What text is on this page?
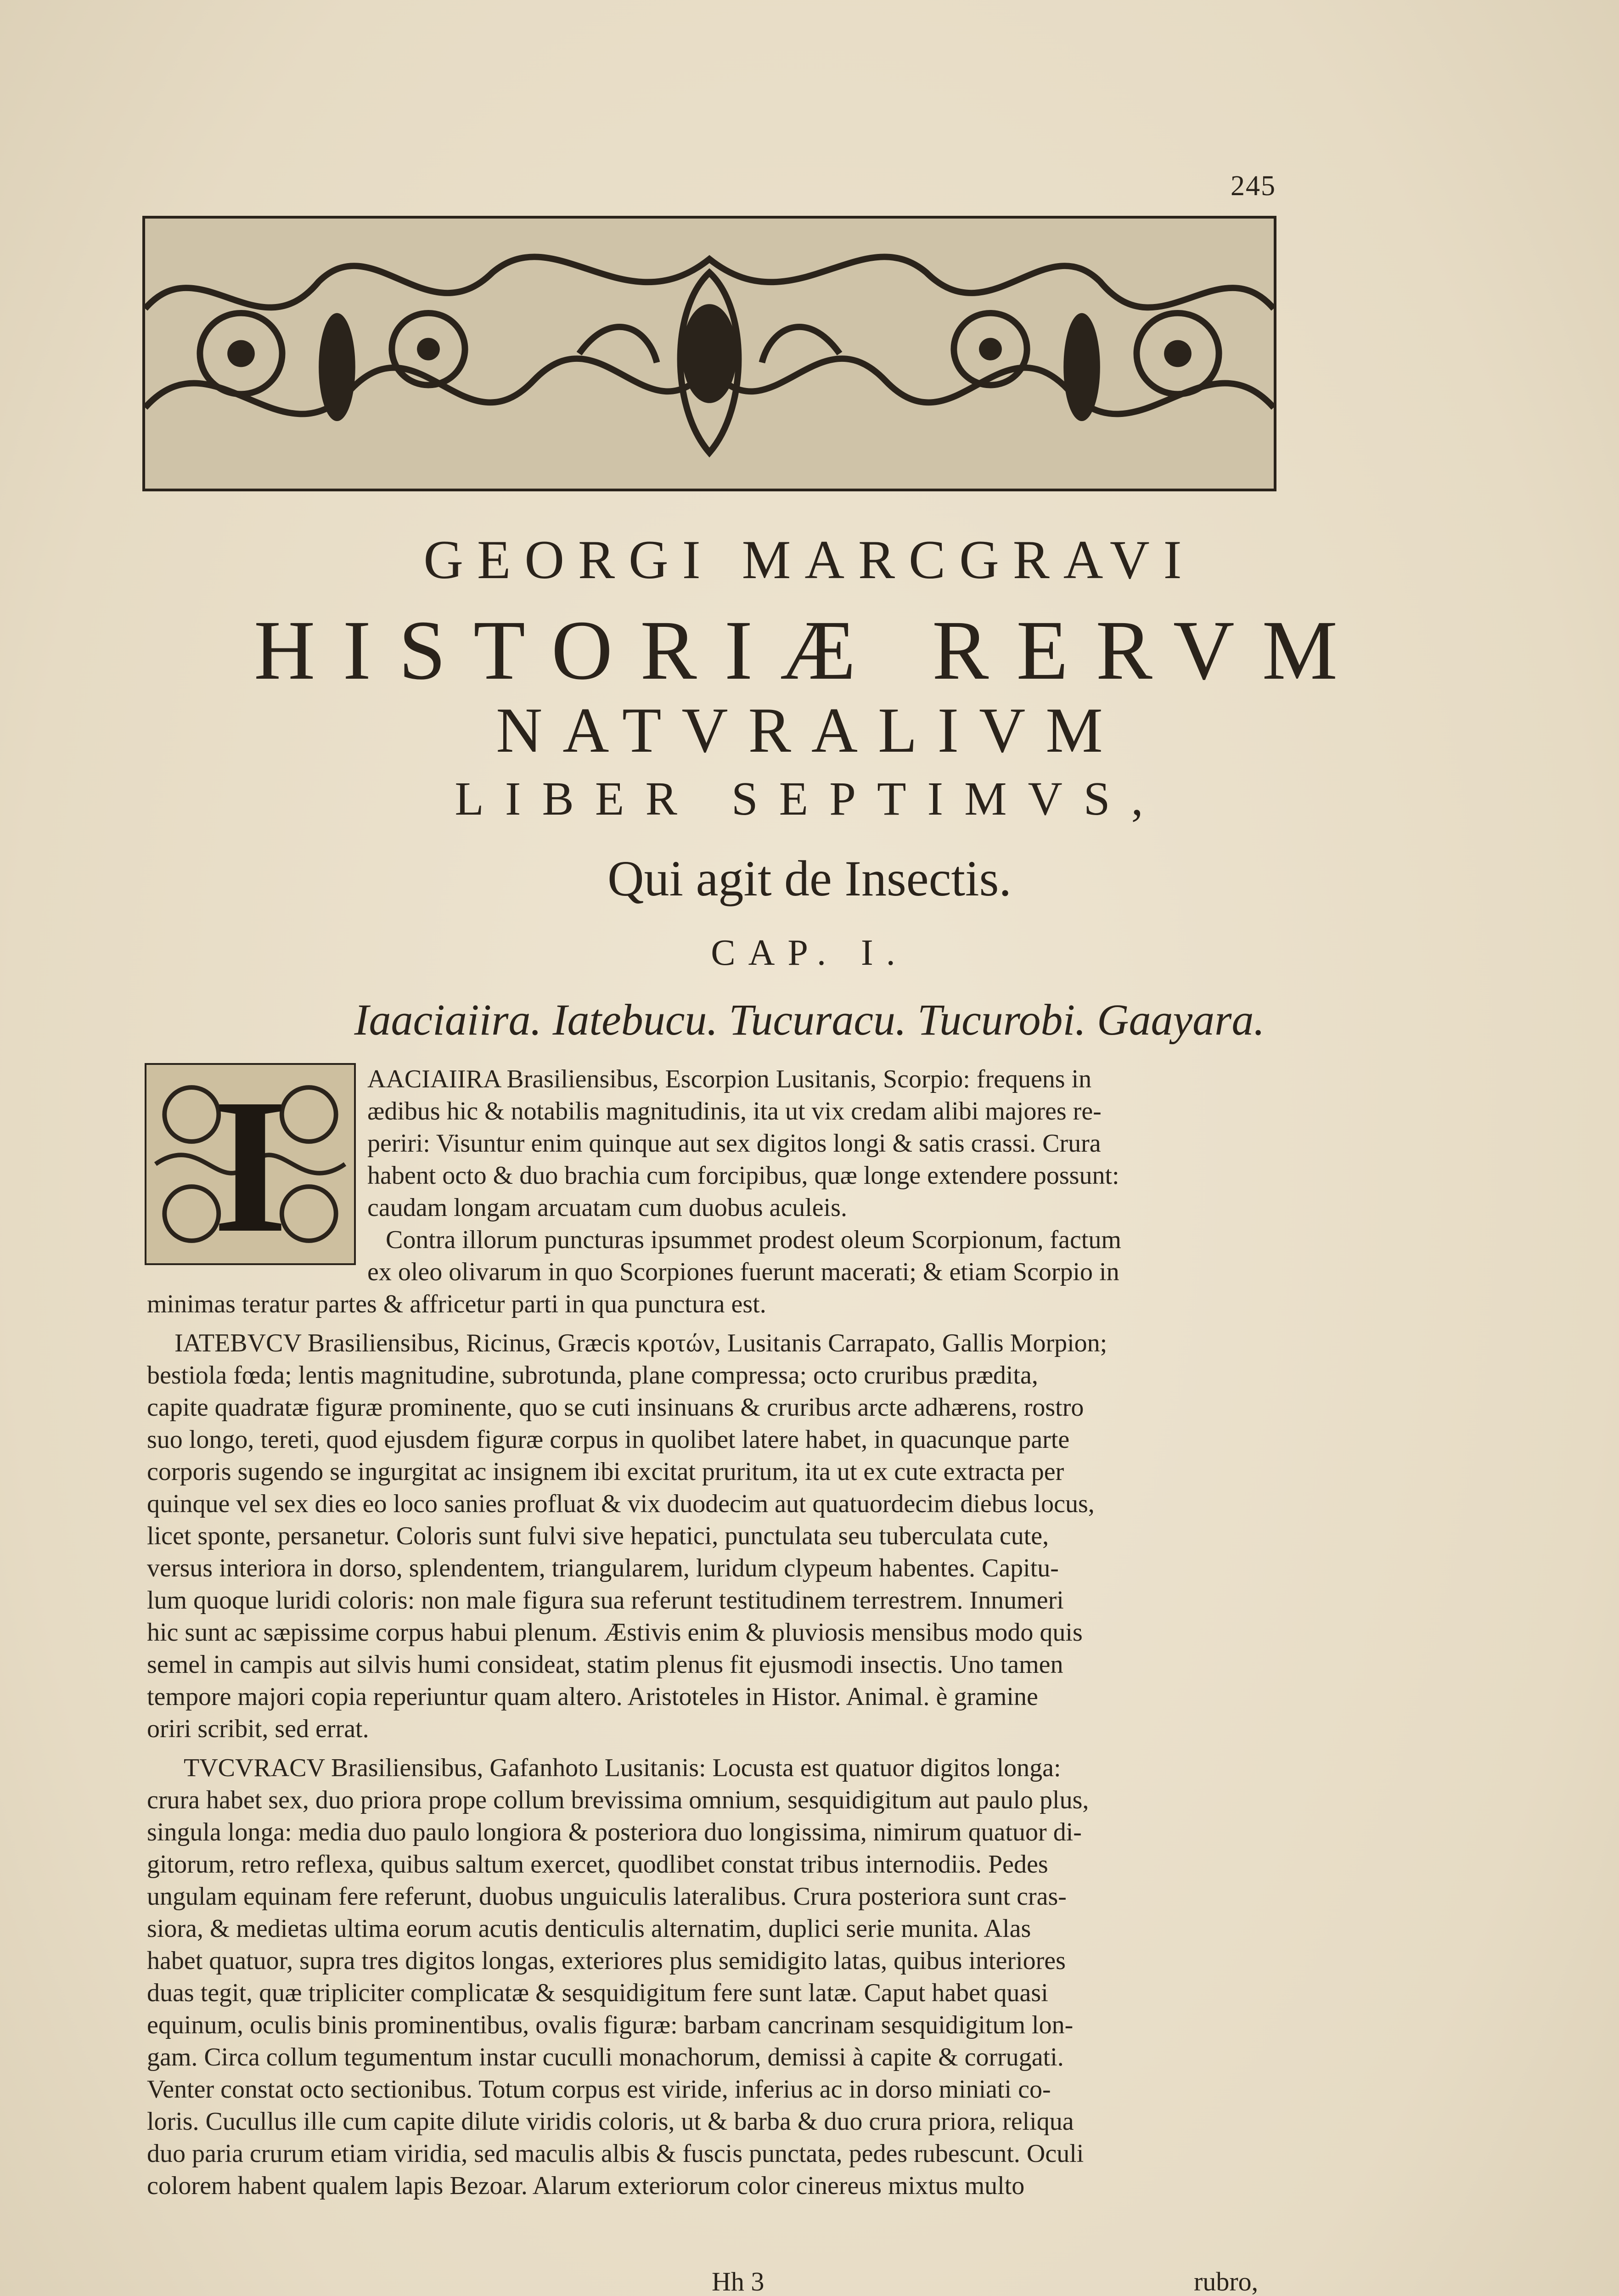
245
GEORGI MARCGRAVI
HISTORIÆ RERVM
NATVRALIVM
LIBER SEPTIMVS,
Qui agit de Insectis.
CAP. I.
Iaaciaiira. Iatebucu. Tucuracu. Tucurobi. Gaayara.
I	AACIAIIRA Brasiliensibus, Escorpion Lusitanis, Scorpio: frequens in
ædibus hic & notabilis magnitudinis, ita ut vix credam alibi majores re-
periri: Visuntur enim quinque aut sex digitos longi & satis crassi. Crura
habent octo & duo brachia cum forcipibus, quæ longe extendere possunt:
caudam longam arcuatam cum duobus aculeis.
Contra illorum puncturas ipsummet prodest oleum Scorpionum, factum
ex oleo olivarum in quo Scorpiones fuerunt macerati; & etiam Scorpio in
minimas teratur partes & affricetur parti in qua punctura est.
IATEBVCV Brasiliensibus, Ricinus, Græcis κροτών, Lusitanis Carrapato, Gallis Morpion;
bestiola fœda; lentis magnitudine, subrotunda, plane compressa; octo cruribus prædita,
capite quadratæ figuræ prominente, quo se cuti insinuans & cruribus arcte adhærens, rostro
suo longo, tereti, quod ejusdem figuræ corpus in quolibet latere habet, in quacunque parte
corporis sugendo se ingurgitat ac insignem ibi excitat pruritum, ita ut ex cute extracta per
quinque vel sex dies eo loco sanies profluat & vix duodecim aut quatuordecim diebus locus,
licet sponte, persanetur. Coloris sunt fulvi sive hepatici, punctulata seu tuberculata cute,
versus interiora in dorso, splendentem, triangularem, luridum clypeum habentes. Capitu-
lum quoque luridi coloris: non male figura sua referunt testitudinem terrestrem. Innumeri
hic sunt ac sæpissime corpus habui plenum. Æstivis enim & pluviosis mensibus modo quis
semel in campis aut silvis humi consideat, statim plenus fit ejusmodi insectis. Uno tamen
tempore majori copia reperiuntur quam altero. Aristoteles in Histor. Animal. è gramine
oriri scribit, sed errat.
TVCVRACV Brasiliensibus, Gafanhoto Lusitanis: Locusta est quatuor digitos longa:
crura habet sex, duo priora prope collum brevissima omnium, sesquidigitum aut paulo plus,
singula longa: media duo paulo longiora & posteriora duo longissima, nimirum quatuor di-
gitorum, retro reflexa, quibus saltum exercet, quodlibet constat tribus internodiis. Pedes
ungulam equinam fere referunt, duobus unguiculis lateralibus. Crura posteriora sunt cras-
siora, & medietas ultima eorum acutis denticulis alternatim, duplici serie munita. Alas
habet quatuor, supra tres digitos longas, exteriores plus semidigito latas, quibus interiores
duas tegit, quæ tripliciter complicatæ & sesquidigitum fere sunt latæ. Caput habet quasi
equinum, oculis binis prominentibus, ovalis figuræ: barbam cancrinam sesquidigitum lon-
gam. Circa collum tegumentum instar cuculli monachorum, demissi à capite & corrugati.
Venter constat octo sectionibus. Totum corpus est viride, inferius ac in dorso miniati co-
loris. Cucullus ille cum capite dilute viridis coloris, ut & barba & duo crura priora, reliqua
duo paria crurum etiam viridia, sed maculis albis & fuscis punctata, pedes rubescunt. Oculi
colorem habent qualem lapis Bezoar. Alarum exteriorum color cinereus mixtus multo
Hh 3	rubro,
